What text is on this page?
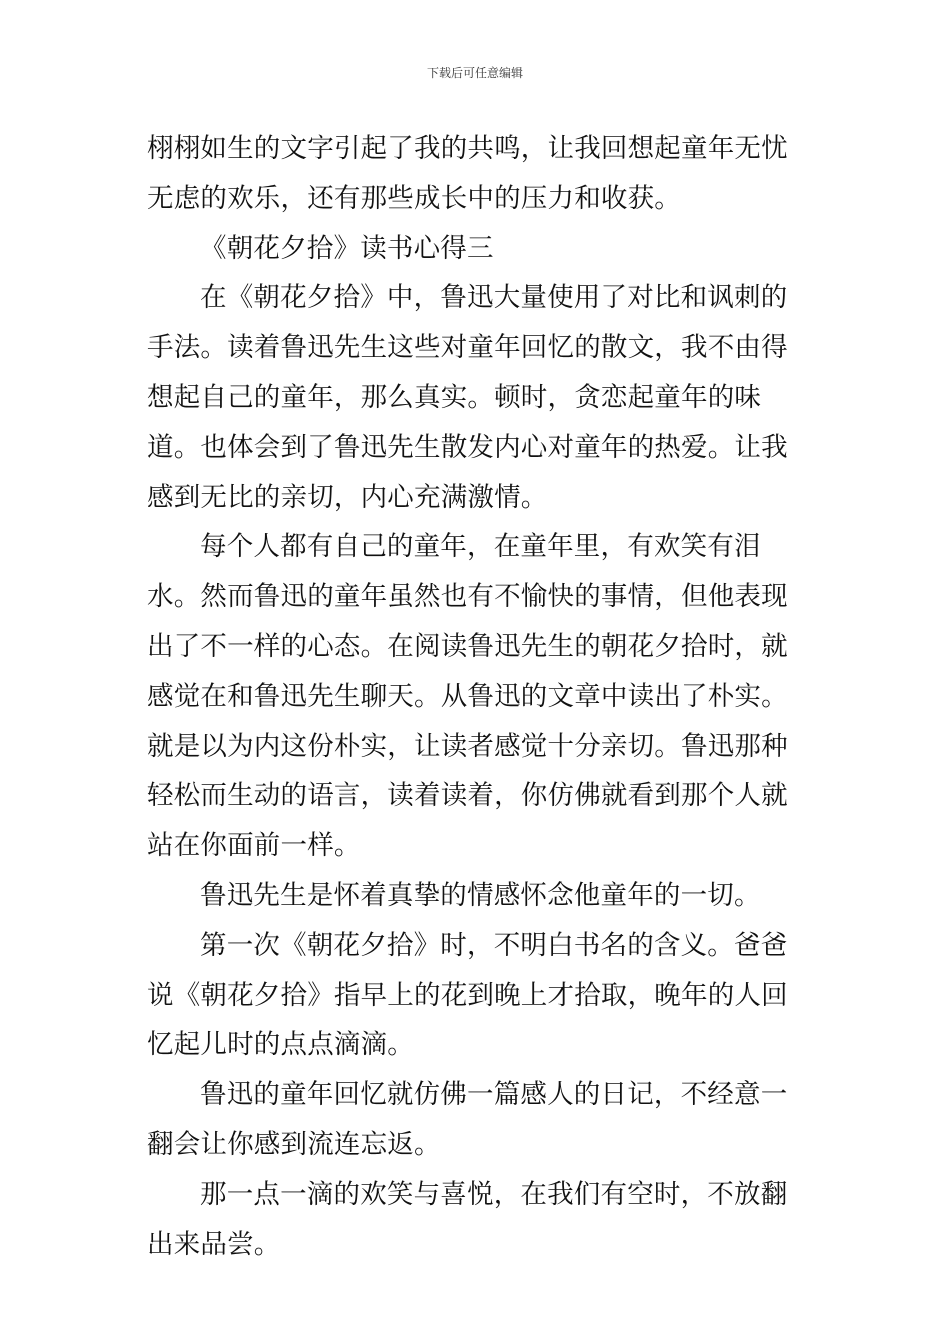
下载后可任意编辑

栩栩如生的文字引起了我的共鸣，让我回想起童年无忧无虑的欢乐，还有那些成长中的压力和收获。

《朝花夕拾》读书心得三

在《朝花夕拾》中，鲁迅大量使用了对比和讽刺的手法。读着鲁迅先生这些对童年回忆的散文，我不由得想起自己的童年，那么真实。顿时，贪恋起童年的味道。也体会到了鲁迅先生散发内心对童年的热爱。让我感到无比的亲切，内心充满激情。

每个人都有自己的童年，在童年里，有欢笑有泪水。然而鲁迅的童年虽然也有不愉快的事情，但他表现出了不一样的心态。在阅读鲁迅先生的朝花夕拾时，就感觉在和鲁迅先生聊天。从鲁迅的文章中读出了朴实。就是以为内这份朴实，让读者感觉十分亲切。鲁迅那种轻松而生动的语言，读着读着，你仿佛就看到那个人就站在你面前一样。

鲁迅先生是怀着真挚的情感怀念他童年的一切。

第一次《朝花夕拾》时，不明白书名的含义。爸爸说《朝花夕拾》指早上的花到晚上才拾取，晚年的人回忆起儿时的点点滴滴。

鲁迅的童年回忆就仿佛一篇感人的日记，不经意一翻会让你感到流连忘返。

那一点一滴的欢笑与喜悦，在我们有空时，不放翻出来品尝。
